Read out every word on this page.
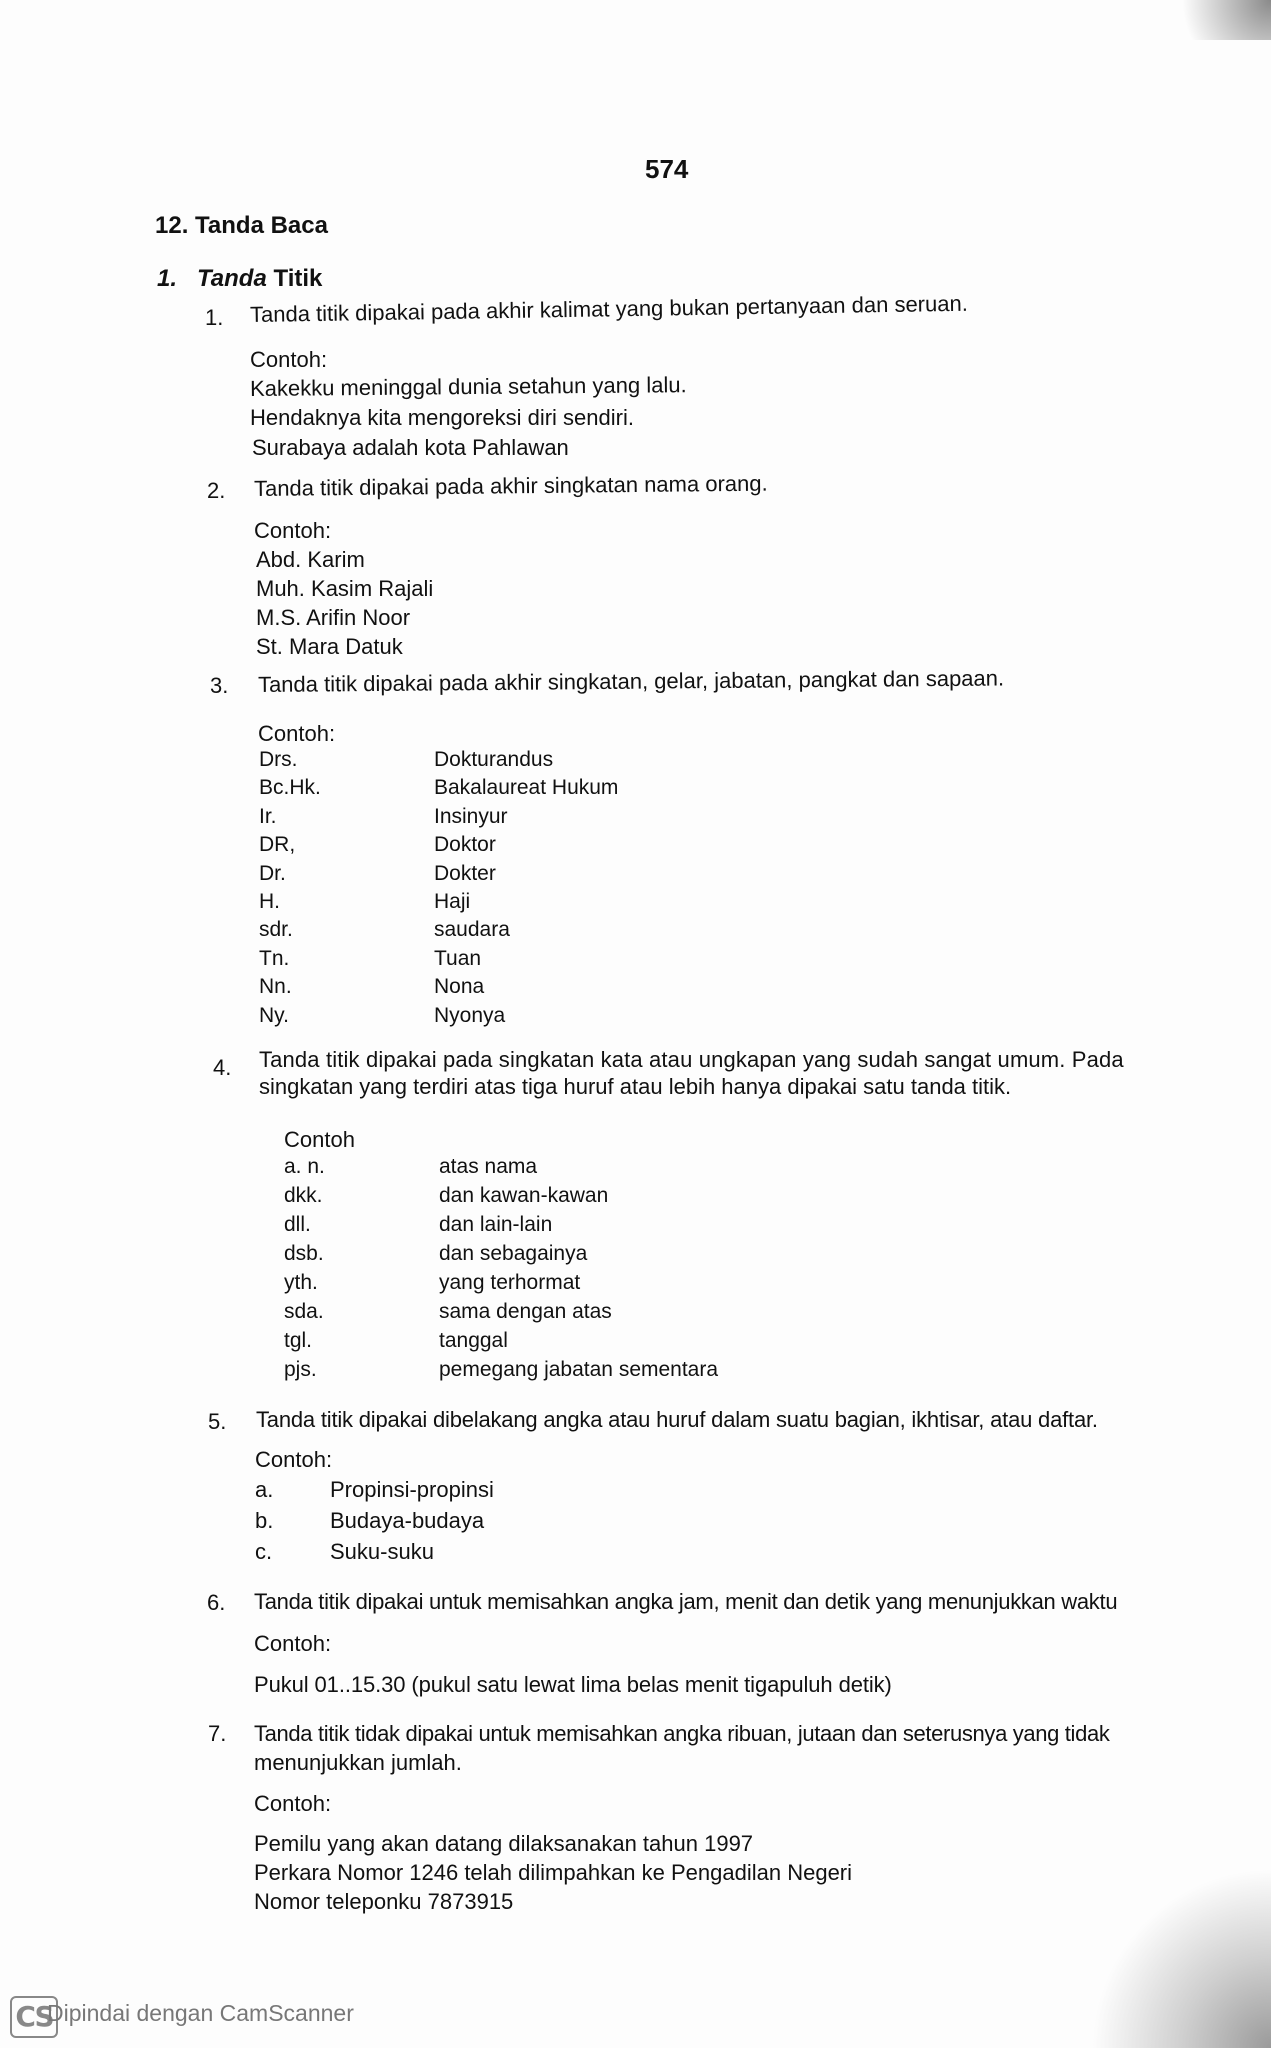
574
12. Tanda Baca
1. Tanda Titik
1. Tanda titik dipakai pada akhir kalimat yang bukan pertanyaan dan seruan.
Contoh:
Kakekku meninggal dunia setahun yang lalu.
Hendaknya kita mengoreksi diri sendiri.
Surabaya adalah kota Pahlawan
2. Tanda titik dipakai pada akhir singkatan nama orang.
Contoh:
Abd. Karim
Muh. Kasim Rajali
M.S. Arifin Noor
St. Mara Datuk
3. Tanda titik dipakai pada akhir singkatan, gelar, jabatan, pangkat dan sapaan.
Contoh:
Drs.	Dokturandus
Bc.Hk.	Bakalaureat Hukum
Ir.	Insinyur
DR,	Doktor
Dr.	Dokter
H.	Haji
sdr.	saudara
Tn.	Tuan
Nn.	Nona
Ny.	Nyonya
4. Tanda titik dipakai pada singkatan kata atau ungkapan yang sudah sangat umum. Pada
singkatan yang terdiri atas tiga huruf atau lebih hanya dipakai satu tanda titik.
Contoh
a. n.	atas nama
dkk.	dan kawan-kawan
dll.	dan lain-lain
dsb.	dan sebagainya
yth.	yang terhormat
sda.	sama dengan atas
tgl.	tanggal
pjs.	pemegang jabatan sementara
5. Tanda titik dipakai dibelakang angka atau huruf dalam suatu bagian, ikhtisar, atau daftar.
Contoh:
a.	Propinsi-propinsi
b.	Budaya-budaya
c.	Suku-suku
6. Tanda titik dipakai untuk memisahkan angka jam, menit dan detik yang menunjukkan waktu
Contoh:
Pukul 01..15.30 (pukul satu lewat lima belas menit tigapuluh detik)
7. Tanda titik tidak dipakai untuk memisahkan angka ribuan, jutaan dan seterusnya yang tidak
menunjukkan jumlah.
Contoh:
Pemilu yang akan datang dilaksanakan tahun 1997
Perkara Nomor 1246 telah dilimpahkan ke Pengadilan Negeri
Nomor teleponku 7873915
CS
Dipindai dengan CamScanner
